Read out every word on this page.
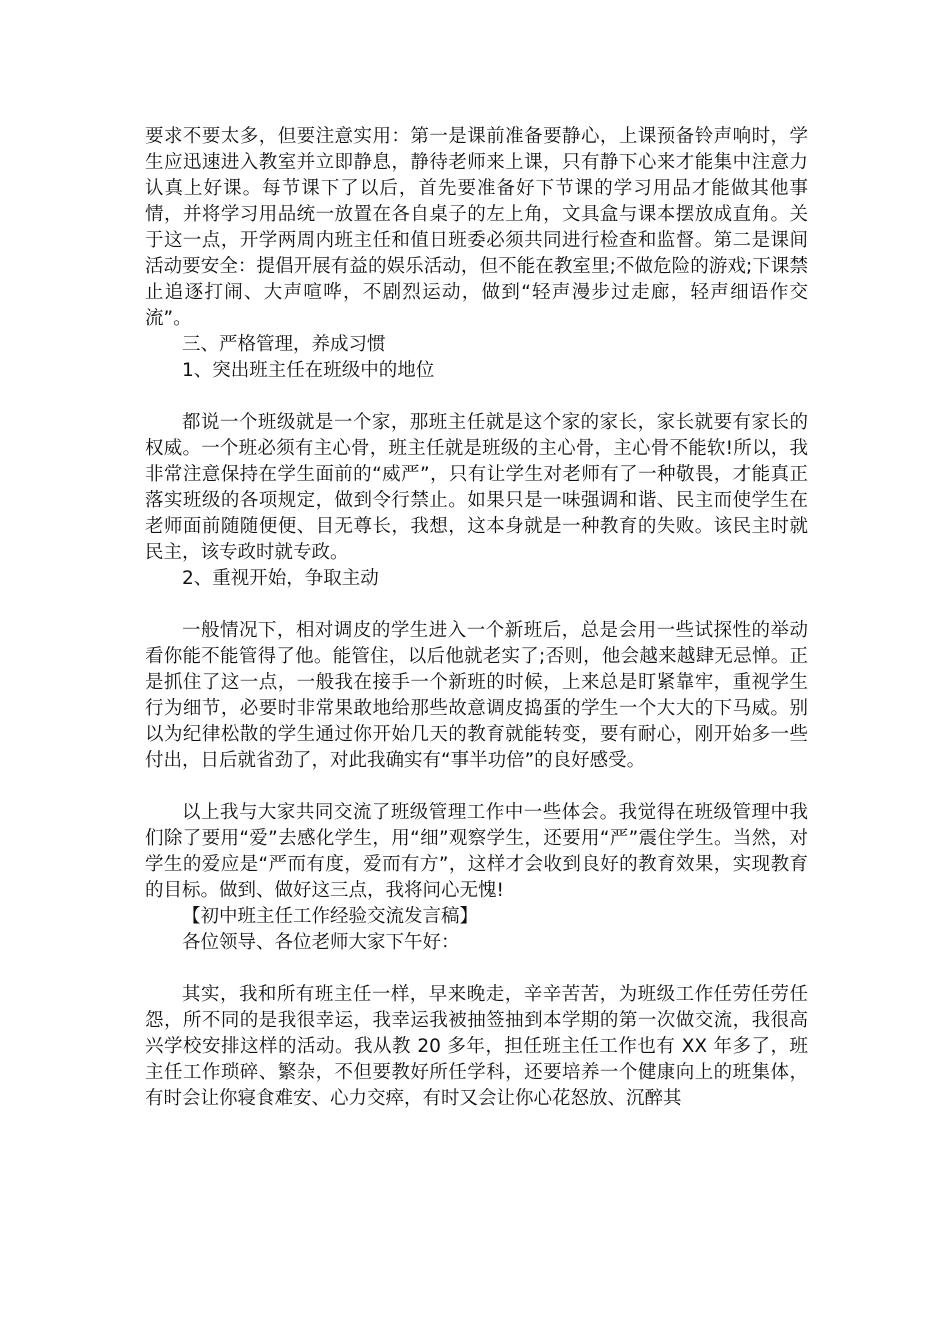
要求不要太多，但要注意实用：第一是课前准备要静心，上课预备铃声响时，学生应迅速进入教室并立即静息，静待老师来上课，只有静下心来才能集中注意力认真上好课。每节课下了以后，首先要准备好下节课的学习用品才能做其他事情，并将学习用品统一放置在各自桌子的左上角，文具盒与课本摆放成直角。关于这一点，开学两周内班主任和值日班委必须共同进行检查和监督。第二是课间活动要安全：提倡开展有益的娱乐活动，但不能在教室里;不做危险的游戏;下课禁止追逐打闹、大声喧哗，不剧烈运动，做到“轻声漫步过走廊，轻声细语作交流”。

三、严格管理，养成习惯

1、突出班主任在班级中的地位

都说一个班级就是一个家，那班主任就是这个家的家长，家长就要有家长的权威。一个班必须有主心骨，班主任就是班级的主心骨，主心骨不能软!所以，我非常注意保持在学生面前的“威严”，只有让学生对老师有了一种敬畏，才能真正落实班级的各项规定，做到令行禁止。如果只是一味强调和谐、民主而使学生在老师面前随随便便、目无尊长，我想，这本身就是一种教育的失败。该民主时就民主，该专政时就专政。

2、重视开始，争取主动

一般情况下，相对调皮的学生进入一个新班后，总是会用一些试探性的举动看你能不能管得了他。能管住，以后他就老实了;否则，他会越来越肆无忌惮。正是抓住了这一点，一般我在接手一个新班的时候，上来总是盯紧靠牢，重视学生行为细节，必要时非常果敢地给那些故意调皮捣蛋的学生一个大大的下马威。别以为纪律松散的学生通过你开始几天的教育就能转变，要有耐心，刚开始多一些付出，日后就省劲了，对此我确实有“事半功倍”的良好感受。

以上我与大家共同交流了班级管理工作中一些体会。我觉得在班级管理中我们除了要用“爱”去感化学生，用“细”观察学生，还要用“严”震住学生。当然，对学生的爱应是“严而有度，爱而有方”，这样才会收到良好的教育效果，实现教育的目标。做到、做好这三点，我将问心无愧!

【初中班主任工作经验交流发言稿】

各位领导、各位老师大家下午好：

其实，我和所有班主任一样，早来晚走，辛辛苦苦，为班级工作任劳任劳任怨，所不同的是我很幸运，我幸运我被抽签抽到本学期的第一次做交流，我很高兴学校安排这样的活动。我从教 20 多年，担任班主任工作也有 XX 年多了，班主任工作琐碎、繁杂，不但要教好所任学科，还要培养一个健康向上的班集体，有时会让你寝食难安、心力交瘁，有时又会让你心花怒放、沉醉其
